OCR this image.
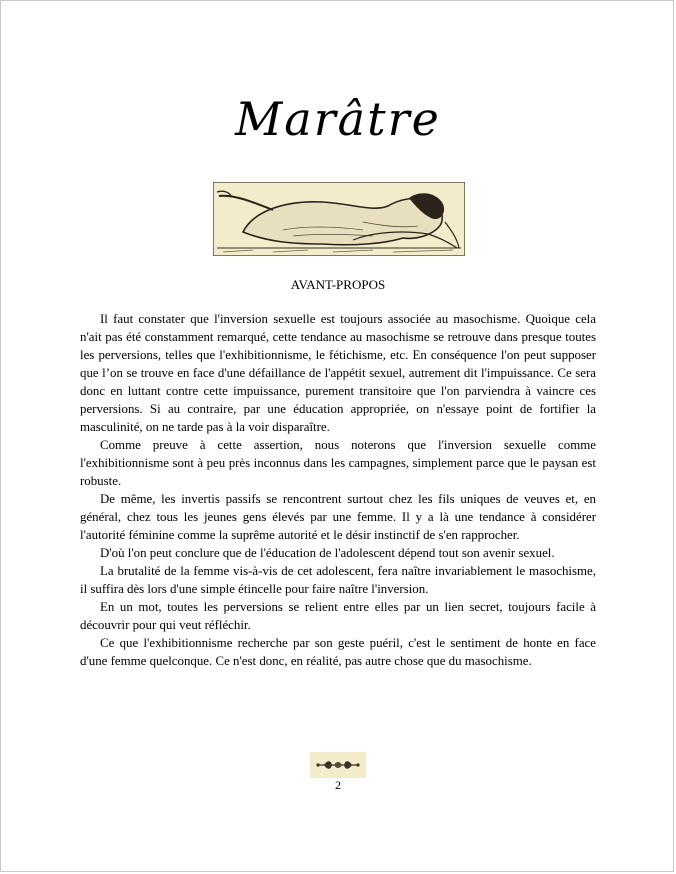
Marâtre
AVANT-PROPOS

Il faut constater que l'inversion sexuelle est toujours associée au masochisme. Quoique cela n'ait pas été constamment remarqué, cette tendance au masochisme se retrouve dans presque toutes les perversions, telles que l'exhibitionnisme, le fétichisme, etc. En conséquence l'on peut supposer que l’on se trouve en face d'une défaillance de l'appétit sexuel, autrement dit l'impuissance. Ce sera donc en luttant contre cette impuissance, purement transitoire que l'on parviendra à vaincre ces perversions. Si au contraire, par une éducation appropriée, on n'essaye point de fortifier la masculinité, on ne tarde pas à la voir disparaître.

Comme preuve à cette assertion, nous noterons que l'inversion sexuelle comme l'exhibitionnisme sont à peu près inconnus dans les campagnes, simplement parce que le paysan est robuste.

De même, les invertis passifs se rencontrent surtout chez les fils uniques de veuves et, en général, chez tous les jeunes gens élevés par une femme. Il y a là une tendance à considérer l'autorité féminine comme la suprême autorité et le désir instinctif de s'en rapprocher.

D'où l'on peut conclure que de l'éducation de l'adolescent dépend tout son avenir sexuel.

La brutalité de la femme vis-à-vis de cet adolescent, fera naître invariablement le masochisme, il suffira dès lors d'une simple étincelle pour faire naître l'inversion.

En un mot, toutes les perversions se relient entre elles par un lien secret, toujours facile à découvrir pour qui veut réfléchir.

Ce que l'exhibitionnisme recherche par son geste puéril, c'est le sentiment de honte en face d'une femme quelconque. Ce n'est donc, en réalité, pas autre chose que du masochisme.

2
